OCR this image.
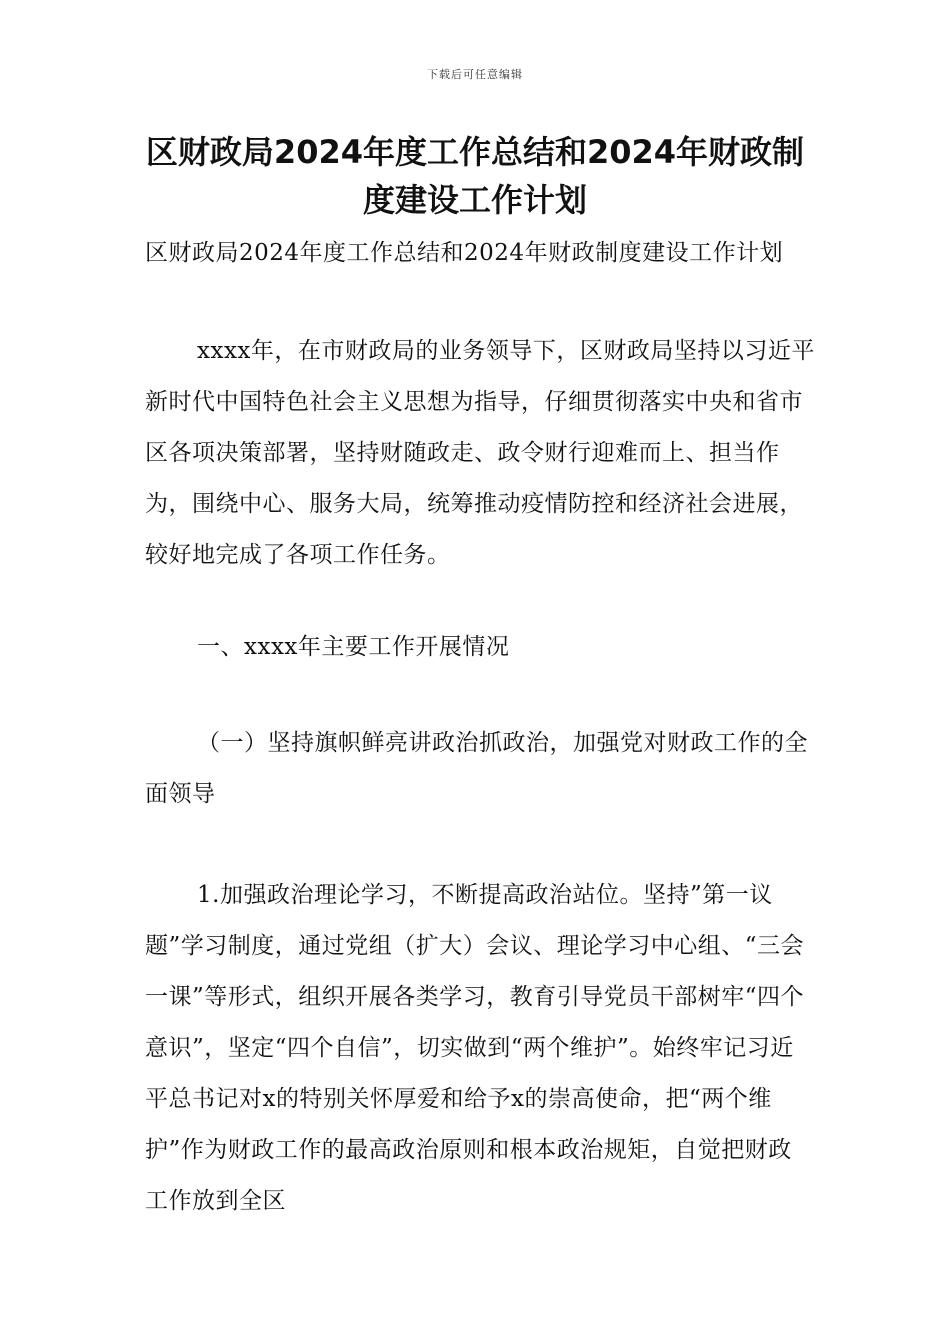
下载后可任意编辑
区财政局2024年度工作总结和2024年财政制度建设工作计划

区财政局2024年度工作总结和2024年财政制度建设工作计划

xxxx年，在市财政局的业务领导下，区财政局坚持以习近平新时代中国特色社会主义思想为指导，仔细贯彻落实中央和省市区各项决策部署，坚持财随政走、政令财行迎难而上、担当作为，围绕中心、服务大局，统筹推动疫情防控和经济社会进展，较好地完成了各项工作任务。

一、xxxx年主要工作开展情况

（一）坚持旗帜鲜亮讲政治抓政治，加强党对财政工作的全面领导

1.加强政治理论学习，不断提高政治站位。坚持”第一议题”学习制度，通过党组（扩大）会议、理论学习中心组、“三会一课”等形式，组织开展各类学习，教育引导党员干部树牢“四个意识”，坚定“四个自信”，切实做到“两个维护”。始终牢记习近平总书记对x的特别关怀厚爱和给予x的崇高使命，把“两个维护”作为财政工作的最高政治原则和根本政治规矩，自觉把财政工作放到全区
